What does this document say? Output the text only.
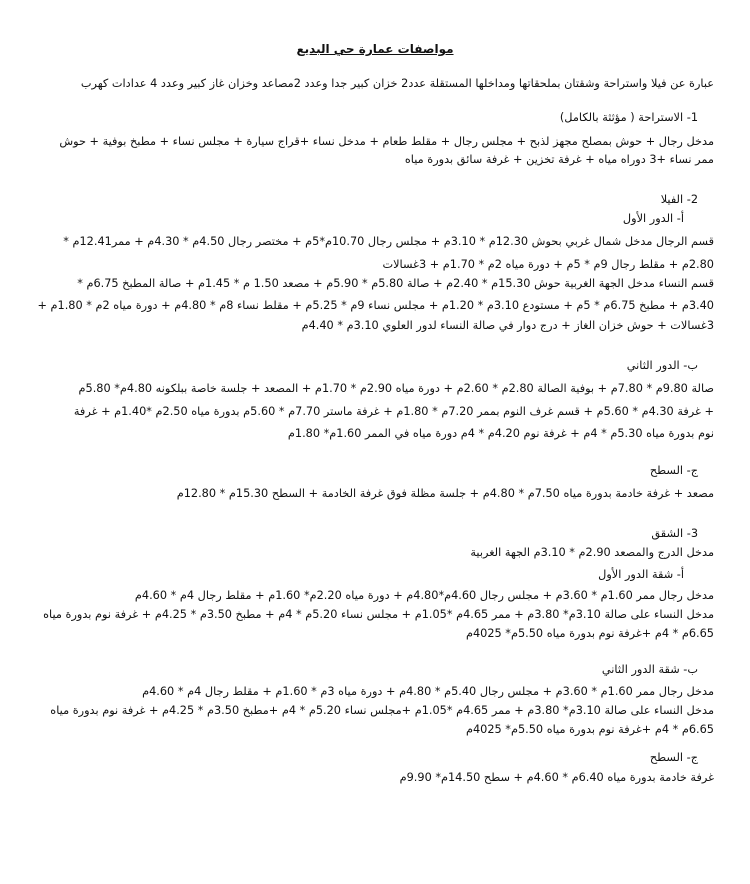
مواصفات عمارة حي البديع
عبارة عن فيلا واستراحة وشقتان بملحقاتها ومداخلها المستقلة عدد2 خزان كبير جدا وعدد 2مصاعد وخزان غاز كبير وعدد 4 عدادات كهرب
1- الاستراحة ( مؤثثة بالكامل)
مدخل رجال + حوش بمصلح مجهز لذبح + مجلس رجال + مقلط طعام + مدخل نساء +قراج سيارة + مجلس نساء + مطبخ بوفية + حوش
ممر نساء +3 دوراه مياه + غرفة تخزين + غرفة سائق بدورة مياه
2- الفيلا
أ- الدور الأول
قسم الرجال مدخل شمال غربي بحوش 12.30م * 3.10م + مجلس رجال 10.70م*5م + مختصر رجال 4.50م * 4.30م + ممر12.41م *
2.80م + مقلط رجال 9م * 5م + دورة مياه 2م * 1.70م + 3غسالات
قسم النساء مدخل الجهة الغربية حوش 15.30م * 2.40م + صالة 5.80م * 5.90م + مصعد 1.50 م * 1.45م + صالة المطبخ 6.75م *
3.40م + مطبخ 6.75م * 5م + مستودع 3.10م * 1.20م + مجلس نساء 9م * 5.25م + مقلط نساء 8م * 4.80م + دورة مياه 2م * 1.80م +
3غسالات + حوش خزان الغاز + درج دوار في صالة النساء لدور العلوي 3.10م * 4.40م
ب- الدور الثاني
صالة 9.80م * 7.80م + بوفية الصالة 2.80م * 2.60م + دورة مياه 2.90م * 1.70م + المصعد + جلسة خاصة ببلكونه 4.80م* 5.80م
+ غرفة 4.30م * 5.60م + قسم غرف النوم بممر 7.20م * 1.80م + غرفة ماستر 7.70م * 5.60م بدورة مياه 2.50م *1.40م + غرفة
نوم بدورة مياه 5.30م * 4م + غرفة نوم 4.20م * 4م دورة مياه في الممر 1.60م* 1.80م
ج- السطح
مصعد + غرفة خادمة بدورة مياه 7.50م * 4.80م + جلسة مظلة فوق غرفة الخادمة + السطح 15.30م * 12.80م
3- الشقق
مدخل الدرج والمصعد 2.90م * 3.10م الجهة الغربية
أ- شقة الدور الأول
مدخل رجال ممر 1.60م * 3.60م + مجلس رجال 4.60م*4.80م + دورة مياه 2.20م* 1.60م + مقلط رجال 4م * 4.60م
مدخل النساء على صالة 3.10م* 3.80م + ممر 4.65م *1.05م + مجلس نساء 5.20م * 4م + مطبخ 3.50م * 4.25م + غرفة نوم بدورة مياه
6.65م * 4م +غرفة نوم بدورة مياه 5.50م* 4025م
ب- شقة الدور الثاني
مدخل رجال ممر 1.60م * 3.60م + مجلس رجال 5.40م * 4.80م + دورة مياه 3م * 1.60م + مقلط رجال 4م * 4.60م
مدخل النساء على صالة 3.10م* 3.80م + ممر 4.65م *1.05م +مجلس نساء 5.20م * 4م +مطبخ 3.50م * 4.25م + غرفة نوم بدورة مياه
6.65م * 4م +غرفة نوم بدورة مياه 5.50م* 4025م
ج- السطح
غرفة خادمة بدورة مياه 6.40م * 4.60م + سطح 14.50م* 9.90م
